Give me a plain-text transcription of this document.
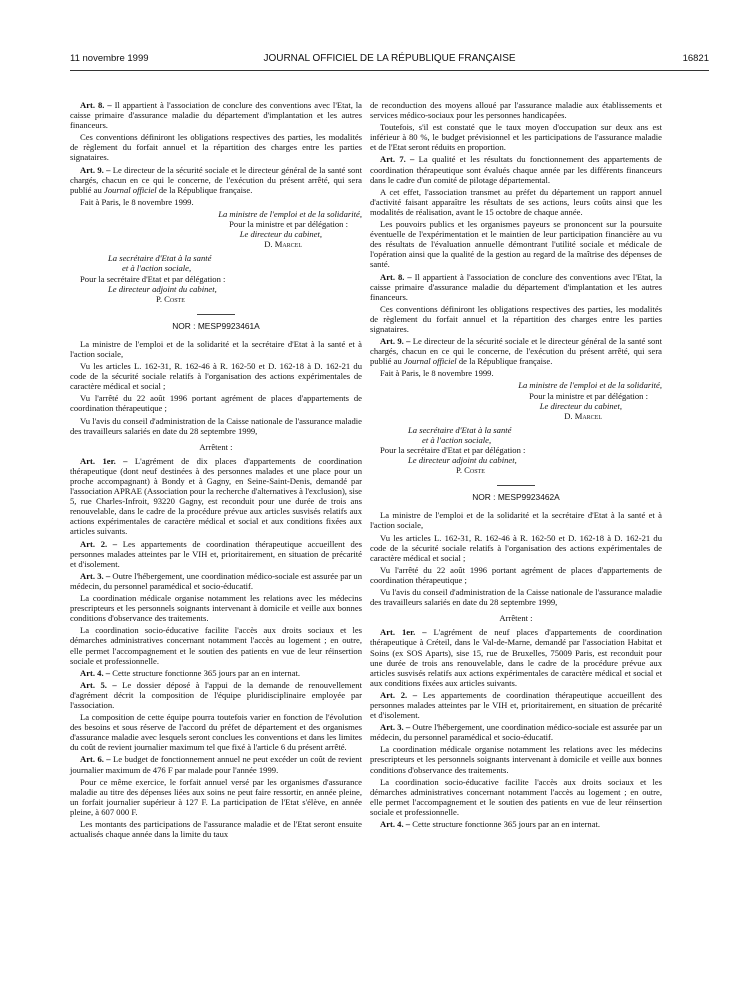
11 novembre 1999	JOURNAL OFFICIEL DE LA RÉPUBLIQUE FRANÇAISE	16821

Art. 8. – Il appartient à l'association de conclure des conventions avec l'Etat, la caisse primaire d'assurance maladie du département d'implantation et les autres financeurs.

Ces conventions définiront les obligations respectives des parties, les modalités de règlement du forfait annuel et la répartition des charges entre les parties signataires.

Art. 9. – Le directeur de la sécurité sociale et le directeur général de la santé sont chargés, chacun en ce qui le concerne, de l'exécution du présent arrêté, qui sera publié au Journal officiel de la République française.

Fait à Paris, le 8 novembre 1999.

La ministre de l'emploi et de la solidarité,

Pour la ministre et par délégation :

Le directeur du cabinet,

D. Marcel

La secrétaire d'Etat à la santé

et à l'action sociale,

Pour la secrétaire d'Etat et par délégation :

Le directeur adjoint du cabinet,

P. Coste

NOR : MESP9923461A

La ministre de l'emploi et de la solidarité et la secrétaire d'Etat à la santé et à l'action sociale,

Vu les articles L. 162-31, R. 162-46 à R. 162-50 et D. 162-18 à D. 162-21 du code de la sécurité sociale relatifs à l'organisation des actions expérimentales de caractère médical et social ;

Vu l'arrêté du 22 août 1996 portant agrément de places d'appartements de coordination thérapeutique ;

Vu l'avis du conseil d'administration de la Caisse nationale de l'assurance maladie des travailleurs salariés en date du 28 septembre 1999,

Arrêtent :

Art. 1er. – L'agrément de dix places d'appartements de coordination thérapeutique (dont neuf destinées à des personnes malades et une place pour un proche accompagnant) à Bondy et à Gagny, en Seine-Saint-Denis, demandé par l'association APRAE (Association pour la recherche d'alternatives à l'exclusion), sise 5, rue Charles-Infroit, 93220 Gagny, est reconduit pour une durée de trois ans renouvelable, dans le cadre de la procédure prévue aux articles susvisés relatifs aux actions expérimentales de caractère médical et social et aux conditions fixées aux articles suivants.

Art. 2. – Les appartements de coordination thérapeutique accueillent des personnes malades atteintes par le VIH et, prioritairement, en situation de précarité et d'isolement.

Art. 3. – Outre l'hébergement, une coordination médico-sociale est assurée par un médecin, du personnel paramédical et socio-éducatif.

La coordination médicale organise notamment les relations avec les médecins prescripteurs et les personnels soignants intervenant à domicile et veille aux bonnes conditions d'observance des traitements.

La coordination socio-éducative facilite l'accès aux droits sociaux et les démarches administratives concernant notamment l'accès au logement ; en outre, elle permet l'accompagnement et le soutien des patients en vue de leur réinsertion sociale et professionnelle.

Art. 4. – Cette structure fonctionne 365 jours par an en internat.

Art. 5. – Le dossier déposé à l'appui de la demande de renouvellement d'agrément décrit la composition de l'équipe pluridisciplinaire employée par l'association.

La composition de cette équipe pourra toutefois varier en fonction de l'évolution des besoins et sous réserve de l'accord du préfet de département et des organismes d'assurance maladie avec lesquels seront conclues les conventions et dans les limites du coût de revient journalier maximum tel que fixé à l'article 6 du présent arrêté.

Art. 6. – Le budget de fonctionnement annuel ne peut excéder un coût de revient journalier maximum de 476 F par malade pour l'année 1999.

Pour ce même exercice, le forfait annuel versé par les organismes d'assurance maladie au titre des dépenses liées aux soins ne peut faire ressortir, en année pleine, un forfait journalier supérieur à 127 F. La participation de l'Etat s'élève, en année pleine, à 607 000 F.

Les montants des participations de l'assurance maladie et de l'Etat seront ensuite actualisés chaque année dans la limite du taux

de reconduction des moyens alloué par l'assurance maladie aux établissements et services médico-sociaux pour les personnes handicapées.

Toutefois, s'il est constaté que le taux moyen d'occupation sur deux ans est inférieur à 80 %, le budget prévisionnel et les participations de l'assurance maladie et de l'Etat seront réduits en proportion.

Art. 7. – La qualité et les résultats du fonctionnement des appartements de coordination thérapeutique sont évalués chaque année par les différents financeurs dans le cadre d'un comité de pilotage départemental.

A cet effet, l'association transmet au préfet du département un rapport annuel d'activité faisant apparaître les résultats de ses actions, leurs coûts ainsi que les modalités de réalisation, avant le 15 octobre de chaque année.

Les pouvoirs publics et les organismes payeurs se prononcent sur la poursuite éventuelle de l'expérimentation et le maintien de leur participation financière au vu des résultats de l'évaluation annuelle démontrant l'utilité sociale et médicale de l'opération ainsi que la qualité de la gestion au regard de la maîtrise des dépenses de santé.

Art. 8. – Il appartient à l'association de conclure des conventions avec l'Etat, la caisse primaire d'assurance maladie du département d'implantation et les autres financeurs.

Ces conventions définiront les obligations respectives des parties, les modalités de règlement du forfait annuel et la répartition des charges entre les parties signataires.

Art. 9. – Le directeur de la sécurité sociale et le directeur général de la santé sont chargés, chacun en ce qui le concerne, de l'exécution du présent arrêté, qui sera publié au Journal officiel de la République française.

Fait à Paris, le 8 novembre 1999.

La ministre de l'emploi et de la solidarité,

Pour la ministre et par délégation :

Le directeur du cabinet,

D. Marcel

La secrétaire d'Etat à la santé

et à l'action sociale,

Pour la secrétaire d'Etat et par délégation :

Le directeur adjoint du cabinet,

P. Coste

NOR : MESP9923462A

La ministre de l'emploi et de la solidarité et la secrétaire d'Etat à la santé et à l'action sociale,

Vu les articles L. 162-31, R. 162-46 à R. 162-50 et D. 162-18 à D. 162-21 du code de la sécurité sociale relatifs à l'organisation des actions expérimentales de caractère médical et social ;

Vu l'arrêté du 22 août 1996 portant agrément de places d'appartements de coordination thérapeutique ;

Vu l'avis du conseil d'administration de la Caisse nationale de l'assurance maladie des travailleurs salariés en date du 28 septembre 1999,

Arrêtent :

Art. 1er. – L'agrément de neuf places d'appartements de coordination thérapeutique à Créteil, dans le Val-de-Marne, demandé par l'association Habitat et Soins (ex SOS Aparts), sise 15, rue de Bruxelles, 75009 Paris, est reconduit pour une durée de trois ans renouvelable, dans le cadre de la procédure prévue aux articles susvisés relatifs aux actions expérimentales de caractère médical et social et aux conditions fixées aux articles suivants.

Art. 2. – Les appartements de coordination thérapeutique accueillent des personnes malades atteintes par le VIH et, prioritairement, en situation de précarité et d'isolement.

Art. 3. – Outre l'hébergement, une coordination médico-sociale est assurée par un médecin, du personnel paramédical et socio-éducatif.

La coordination médicale organise notamment les relations avec les médecins prescripteurs et les personnels soignants intervenant à domicile et veille aux bonnes conditions d'observance des traitements.

La coordination socio-éducative facilite l'accès aux droits sociaux et les démarches administratives concernant notamment l'accès au logement ; en outre, elle permet l'accompagnement et le soutien des patients en vue de leur réinsertion sociale et professionnelle.

Art. 4. – Cette structure fonctionne 365 jours par an en internat.
